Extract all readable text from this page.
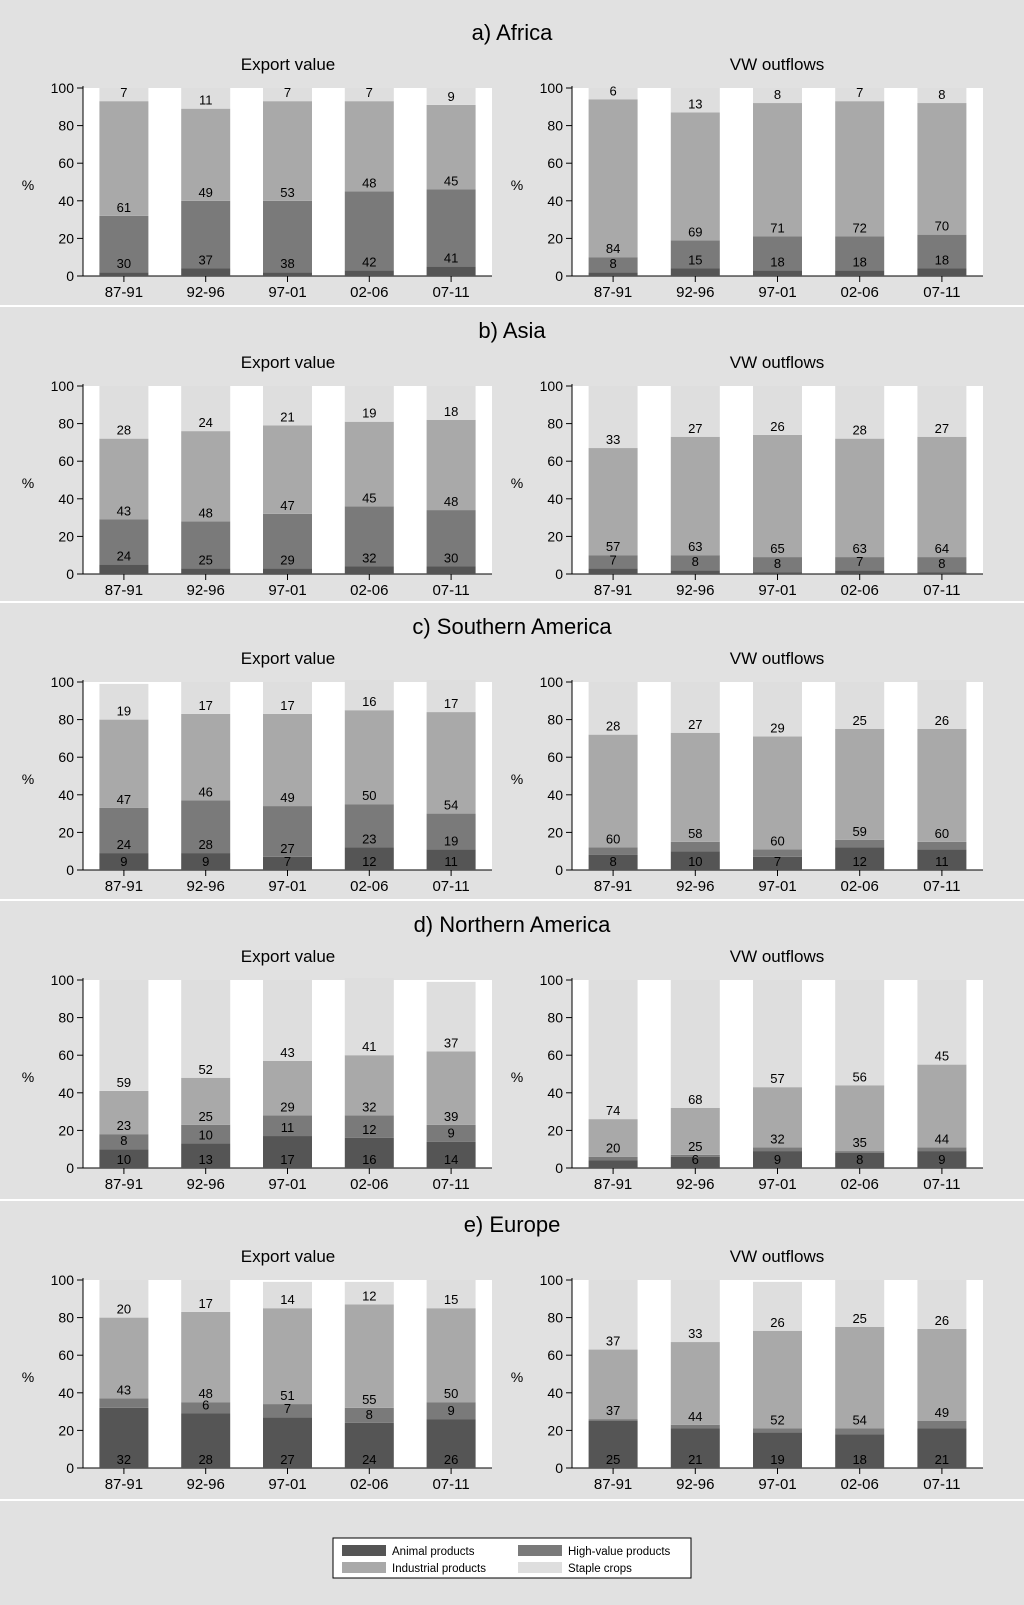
a) Africa
Export value
0
20
40
60
80
100
%
30
61
7
87-91
37
49
11
92-96
38
53
7
97-01
42
48
7
02-06
41
45
9
07-11
VW outflows
0
20
40
60
80
100
%
8
84
6
87-91
15
69
13
92-96
18
71
8
97-01
18
72
7
02-06
18
70
8
07-11
b) Asia
Export value
0
20
40
60
80
100
%
24
43
28
87-91
25
48
24
92-96
29
47
21
97-01
32
45
19
02-06
30
48
18
07-11
VW outflows
0
20
40
60
80
100
%
7
57
33
87-91
8
63
27
92-96
8
65
26
97-01
7
63
28
02-06
8
64
27
07-11
c) Southern America
Export value
0
20
40
60
80
100
%
9
24
47
19
87-91
9
28
46
17
92-96
7
27
49
17
97-01
12
23
50
16
02-06
11
19
54
17
07-11
VW outflows
0
20
40
60
80
100
%
8
60
28
87-91
10
58
27
92-96
7
60
29
97-01
12
59
25
02-06
11
60
26
07-11
d) Northern America
Export value
0
20
40
60
80
100
%
10
8
23
59
87-91
13
10
25
52
92-96
17
11
29
43
97-01
16
12
32
41
02-06
14
9
39
37
07-11
VW outflows
0
20
40
60
80
100
%
20
74
87-91
6
25
68
92-96
9
32
57
97-01
8
35
56
02-06
9
44
45
07-11
e) Europe
Export value
0
20
40
60
80
100
%
32
43
20
87-91
28
6
48
17
92-96
27
7
51
14
97-01
24
8
55
12
02-06
26
9
50
15
07-11
VW outflows
0
20
40
60
80
100
%
25
37
37
87-91
21
44
33
92-96
19
52
26
97-01
18
54
25
02-06
21
49
26
07-11
Animal products	High-value products
Industrial products	Staple crops
